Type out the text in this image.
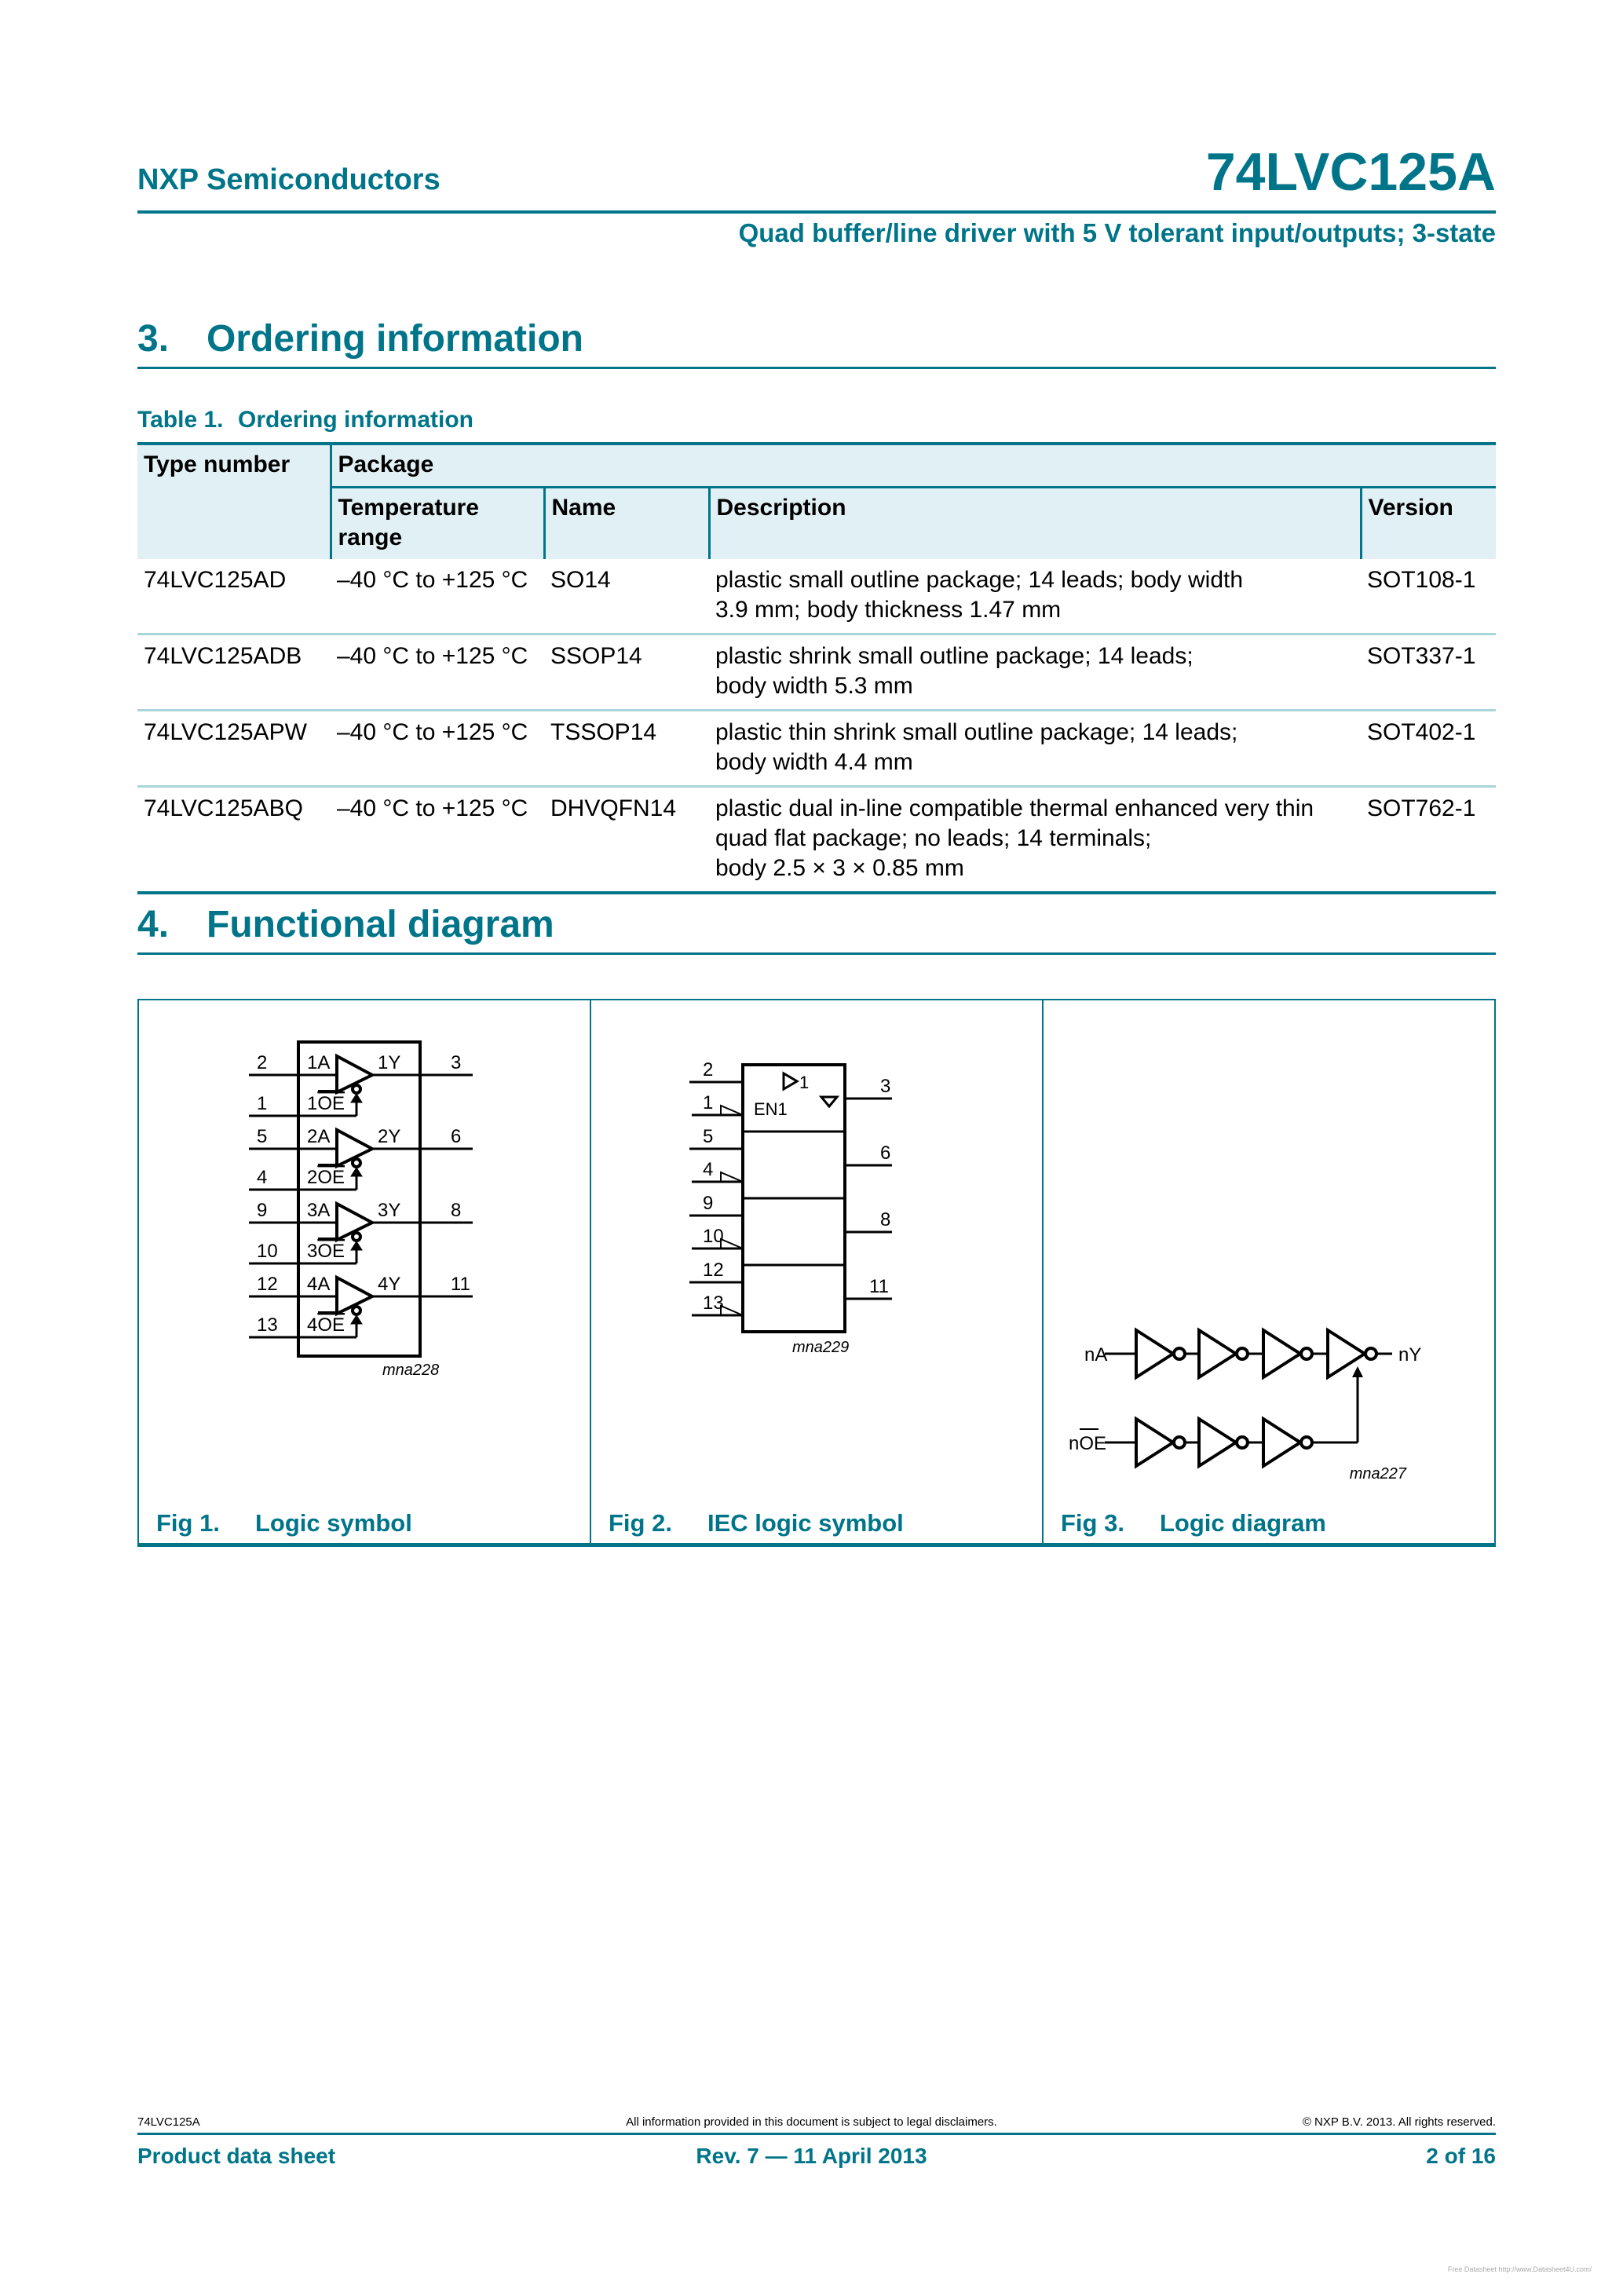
NXP Semiconductors	74LVC125A
Quad buffer/line driver with 5 V tolerant input/outputs; 3-state
3. Ordering information
Table 1. Ordering information
Type number	Package			
	Temperature range	Name	Description	Version
74LVC125AD	–40 °C to +125 °C	SO14	plastic small outline package; 14 leads; body width
3.9 mm; body thickness 1.47 mm	SOT108-1
74LVC125ADB	–40 °C to +125 °C	SSOP14	plastic shrink small outline package; 14 leads;
body width 5.3 mm	SOT337-1
74LVC125APW	–40 °C to +125 °C	TSSOP14	plastic thin shrink small outline package; 14 leads;
body width 4.4 mm	SOT402-1
74LVC125ABQ	–40 °C to +125 °C	DHVQFN14	plastic dual in-line compatible thermal enhanced very thin
quad flat package; no leads; 14 terminals;
body 2.5 × 3 × 0.85 mm	SOT762-1
4. Functional diagram
2 1A	1Y	3
1 1OE
5 2A	2Y	6
4 2OE
9 3A	3Y	8
10 3OE
12 4A	4Y	11
13 4OE
mna228
Fig 1. Logic symbol
2
1
3
5
4
6
9
10
8
12
13
11
1
EN1
mna229
Fig 2. IEC logic symbol
nA	nY
nOE
mna227
Fig 3. Logic diagram
74LVC125A	All information provided in this document is subject to legal disclaimers.	© NXP B.V. 2013. All rights reserved.
Product data sheet	Rev. 7 — 11 April 2013	2 of 16
Free Datasheet http://www.Datasheet4U.com/
